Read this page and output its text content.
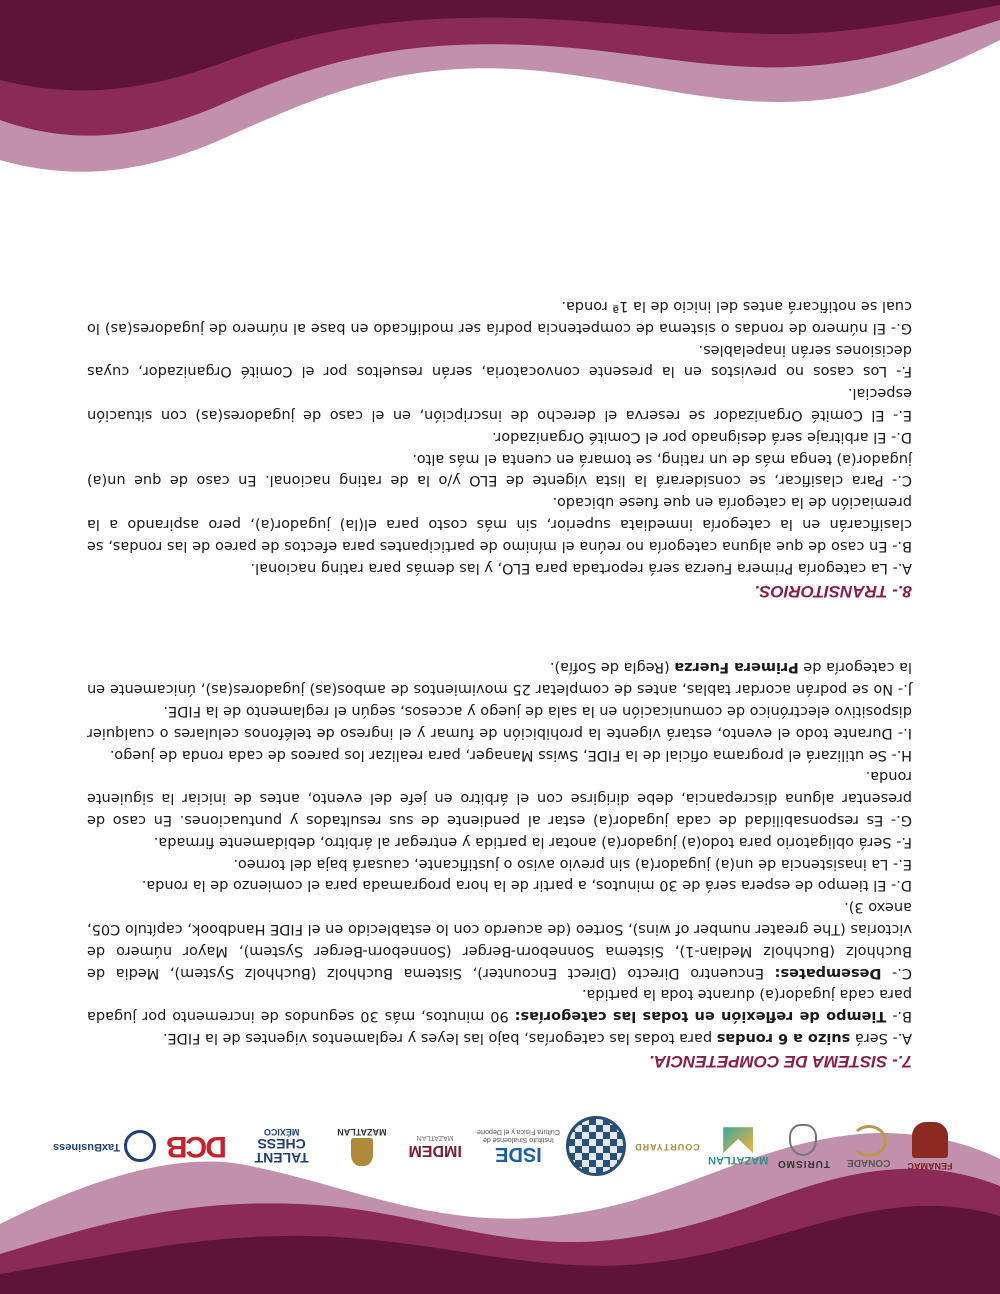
FENAMAC
CONADE
TURISMO
MAZATLAN
COURTYARD
ISDE
Instituto Sinaloense de Cultura Física y el Deporte
IMDEM
MAZATLAN
MAZATLAN
TALENT CHESS
MÉXICO
DCB
TaxBusiness
7.- SISTEMA DE COMPETENCIA.

A.- Será suizo a 6 rondas para todas las categorías, bajo las leyes y reglamentos vigentes de la FIDE.

B.- Tiempo de reflexión en todas las categorías: 90 minutos, más 30 segundos de incremento por jugada para cada jugador(a) durante toda la partida.

C.- Desempates: Encuentro Directo (Direct Encounter), Sistema Buchholz (Buchholz System), Media de Buchholz (Buchholz Median-1), Sistema Sonneborn-Berger (Sonneborn-Berger System), Mayor número de victorias (The greater number of wins), Sorteo (de acuerdo con lo establecido en el FIDE Handbook, capítulo C05, anexo 3).

D.- El tiempo de espera será de 30 minutos, a partir de la hora programada para el comienzo de la ronda.

E.- La inasistencia de un(a) jugador(a) sin previo aviso o justificante, causará baja del torneo.

F.- Será obligatorio para todo(a) jugador(a) anotar la partida y entregar al árbitro, debidamente firmada.

G.- Es responsabilidad de cada jugador(a) estar al pendiente de sus resultados y puntuaciones. En caso de presentar alguna discrepancia, debe dirigirse con el árbitro en jefe del evento, antes de iniciar la siguiente ronda.

H.- Se utilizará el programa oficial de la FIDE, Swiss Manager, para realizar los pareos de cada ronda de juego.

I.- Durante todo el evento, estará vigente la prohibición de fumar y el ingreso de teléfonos celulares o cualquier dispositivo electrónico de comunicación en la sala de juego y accesos, según el reglamento de la FIDE.

J.- No se podrán acordar tablas, antes de completar 25 movimientos de ambos(as) jugadores(as), únicamente en la categoría de Primera Fuerza (Regla de Sofía).

8.- TRANSITORIOS.

A.- La categoría Primera Fuerza será reportada para ELO, y las demás para rating nacional.

B.- En caso de que alguna categoría no reúna el mínimo de participantes para efectos de pareo de las rondas, se clasificarán en la categoría inmediata superior, sin más costo para el(la) jugador(a), pero aspirando a la premiación de la categoría en que fuese ubicado.

C.- Para clasificar, se considerará la lista vigente de ELO y/o la de rating nacional. En caso de que un(a) jugador(a) tenga más de un rating, se tomará en cuenta el más alto.

D.- El arbitraje será designado por el Comité Organizador.

E.- El Comité Organizador se reserva el derecho de inscripción, en el caso de jugadores(as) con situación especial.

F.- Los casos no previstos en la presente convocatoria, serán resueltos por el Comité Organizador, cuyas decisiones serán inapelables.

G.- El número de rondas o sistema de competencia podría ser modificado en base al número de jugadores(as) lo cual se notificará antes del inicio de la 1ª ronda.
